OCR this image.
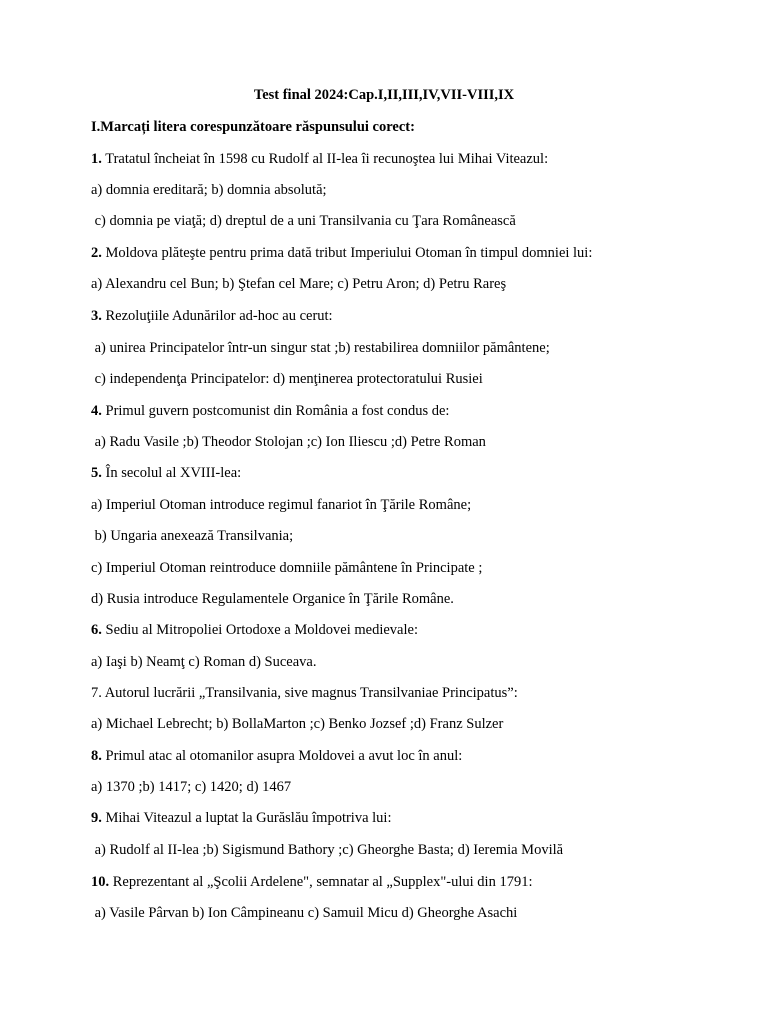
Test final 2024:Cap.I,II,III,IV,VII-VIII,IX
I.Marcați litera corespunzătoare răspunsului corect:
1. Tratatul încheiat în 1598 cu Rudolf al II-lea îi recunoştea lui Mihai Viteazul:
a) domnia ereditară; b) domnia absolută;
c) domnia pe viaţă; d) dreptul de a uni Transilvania cu Ţara Românească
2. Moldova plăteşte pentru prima dată tribut Imperiului Otoman în timpul domniei lui:
a) Alexandru cel Bun; b) Ştefan cel Mare; c) Petru Aron; d) Petru Rareş
3. Rezoluţiile Adunărilor ad-hoc au cerut:
a) unirea Principatelor într-un singur stat ;b) restabilirea domniilor pământene;
c) independenţa Principatelor: d) menţinerea protectoratului Rusiei
4. Primul guvern postcomunist din România a fost condus de:
a) Radu Vasile ;b) Theodor Stolojan ;c) Ion Iliescu ;d) Petre Roman
5. În secolul al XVIII-lea:
a) Imperiul Otoman introduce regimul fanariot în Ţările Române;
b) Ungaria anexează Transilvania;
c) Imperiul Otoman reintroduce domniile pământene în Principate ;
d) Rusia introduce Regulamentele Organice în Ţările Române.
6. Sediu al Mitropoliei Ortodoxe a Moldovei medievale:
a) Iaşi b) Neamţ c) Roman d) Suceava.
7. Autorul lucrării „Transilvania, sive magnus Transilvaniae Principatus”:
a) Michael Lebrecht; b) BollaMarton ;c) Benko Jozsef ;d) Franz Sulzer
8. Primul atac al otomanilor asupra Moldovei a avut loc în anul:
a) 1370 ;b) 1417; c) 1420; d) 1467
9. Mihai Viteazul a luptat la Gurăslău împotriva lui:
a) Rudolf al II-lea ;b) Sigismund Bathory ;c) Gheorghe Basta; d) Ieremia Movilă
10. Reprezentant al „Şcolii Ardelene", semnatar al „Supplex"-ului din 1791:
a) Vasile Pârvan b) Ion Câmpineanu c) Samuil Micu d) Gheorghe Asachi
